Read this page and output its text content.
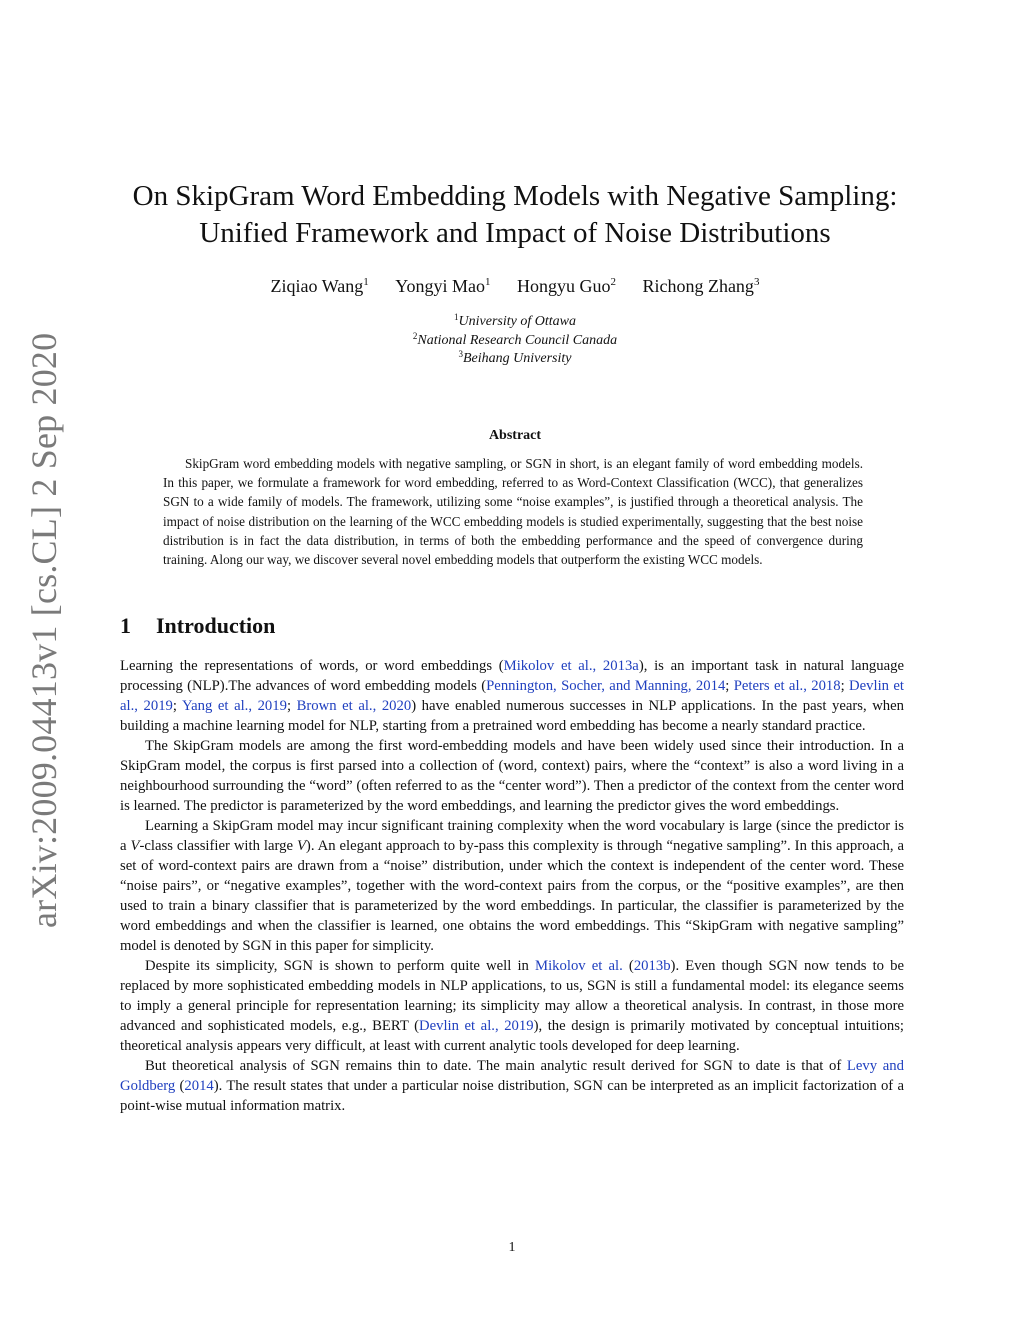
arXiv:2009.04413v1 [cs.CL] 2 Sep 2020
On SkipGram Word Embedding Models with Negative Sampling:
Unified Framework and Impact of Noise Distributions
Ziqiao Wang$^1$ Yongyi Mao$^1$ Hongyu Guo$^2$ Richong Zhang$^3$
$^1$University of Ottawa
$^2$National Research Council Canada
$^3$Beihang University
Abstract

SkipGram word embedding models with negative sampling, or SGN in short, is an elegant family of word embedding models. In this paper, we formulate a framework for word embedding, referred to as Word-Context Classification (WCC), that generalizes SGN to a wide family of models. The framework, utilizing some “noise examples”, is justified through a theoretical analysis. The impact of noise distribution on the learning of the WCC embedding models is studied experimentally, suggesting that the best noise distribution is in fact the data distribution, in terms of both the embedding performance and the speed of convergence during training. Along our way, we discover several novel embedding models that outperform the existing WCC models.

1 Introduction

Learning the representations of words, or word embeddings (Mikolov et al., 2013a), is an important task in natural language processing (NLP).The advances of word embedding models (Pennington, Socher, and Manning, 2014; Peters et al., 2018; Devlin et al., 2019; Yang et al., 2019; Brown et al., 2020) have enabled numerous successes in NLP applications. In the past years, when building a machine learning model for NLP, starting from a pretrained word embedding has become a nearly standard practice.

The SkipGram models are among the first word-embedding models and have been widely used since their introduction. In a SkipGram model, the corpus is first parsed into a collection of (word, context) pairs, where the “context” is also a word living in a neighbourhood surrounding the “word” (often referred to as the “center word”). Then a predictor of the context from the center word is learned. The predictor is parameterized by the word embeddings, and learning the predictor gives the word embeddings.

Learning a SkipGram model may incur significant training complexity when the word vocabulary is large (since the predictor is a V-class classifier with large V). An elegant approach to by-pass this complexity is through “negative sampling”. In this approach, a set of word-context pairs are drawn from a “noise” distribution, under which the context is independent of the center word. These “noise pairs”, or “negative examples”, together with the word-context pairs from the corpus, or the “positive examples”, are then used to train a binary classifier that is parameterized by the word embeddings. In particular, the classifier is parameterized by the word embeddings and when the classifier is learned, one obtains the word embeddings. This “SkipGram with negative sampling” model is denoted by SGN in this paper for simplicity.

Despite its simplicity, SGN is shown to perform quite well in Mikolov et al. (2013b). Even though SGN now tends to be replaced by more sophisticated embedding models in NLP applications, to us, SGN is still a fundamental model: its elegance seems to imply a general principle for representation learning; its simplicity may allow a theoretical analysis. In contrast, in those more advanced and sophisticated models, e.g., BERT (Devlin et al., 2019), the design is primarily motivated by conceptual intuitions; theoretical analysis appears very difficult, at least with current analytic tools developed for deep learning.

But theoretical analysis of SGN remains thin to date. The main analytic result derived for SGN to date is that of Levy and Goldberg (2014). The result states that under a particular noise distribution, SGN can be interpreted as an implicit factorization of a point-wise mutual information matrix.

1
